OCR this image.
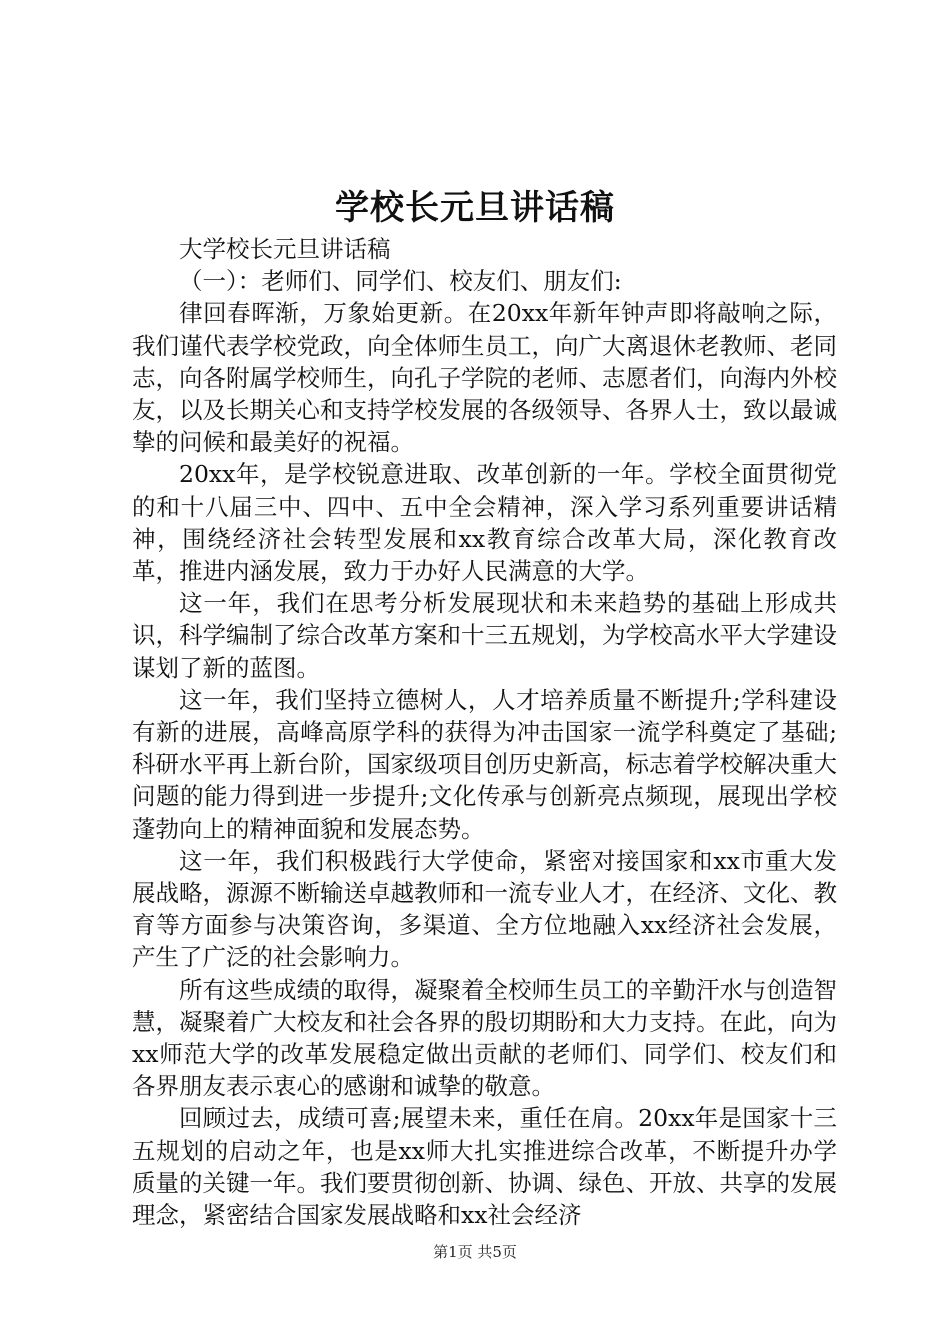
学校长元旦讲话稿

大学校长元旦讲话稿

（一）：老师们、同学们、校友们、朋友们:

律回春晖渐，万象始更新。在20xx年新年钟声即将敲响之际，我们谨代表学校党政，向全体师生员工，向广大离退休老教师、老同志，向各附属学校师生，向孔子学院的老师、志愿者们，向海内外校友，以及长期关心和支持学校发展的各级领导、各界人士，致以最诚挚的问候和最美好的祝福。

20xx年，是学校锐意进取、改革创新的一年。学校全面贯彻党的和十八届三中、四中、五中全会精神，深入学习系列重要讲话精神，围绕经济社会转型发展和xx教育综合改革大局，深化教育改革，推进内涵发展，致力于办好人民满意的大学。

这一年，我们在思考分析发展现状和未来趋势的基础上形成共识，科学编制了综合改革方案和十三五规划，为学校高水平大学建设谋划了新的蓝图。

这一年，我们坚持立德树人，人才培养质量不断提升;学科建设有新的进展，高峰高原学科的获得为冲击国家一流学科奠定了基础;科研水平再上新台阶，国家级项目创历史新高，标志着学校解决重大问题的能力得到进一步提升;文化传承与创新亮点频现，展现出学校蓬勃向上的精神面貌和发展态势。

这一年，我们积极践行大学使命，紧密对接国家和xx市重大发展战略，源源不断输送卓越教师和一流专业人才，在经济、文化、教育等方面参与决策咨询，多渠道、全方位地融入xx经济社会发展，产生了广泛的社会影响力。

所有这些成绩的取得，凝聚着全校师生员工的辛勤汗水与创造智慧，凝聚着广大校友和社会各界的殷切期盼和大力支持。在此，向为xx师范大学的改革发展稳定做出贡献的老师们、同学们、校友们和各界朋友表示衷心的感谢和诚挚的敬意。

回顾过去，成绩可喜;展望未来，重任在肩。20xx年是国家十三五规划的启动之年，也是xx师大扎实推进综合改革，不断提升办学质量的关键一年。我们要贯彻创新、协调、绿色、开放、共享的发展理念，紧密结合国家发展战略和xx社会经济

第1页 共5页
